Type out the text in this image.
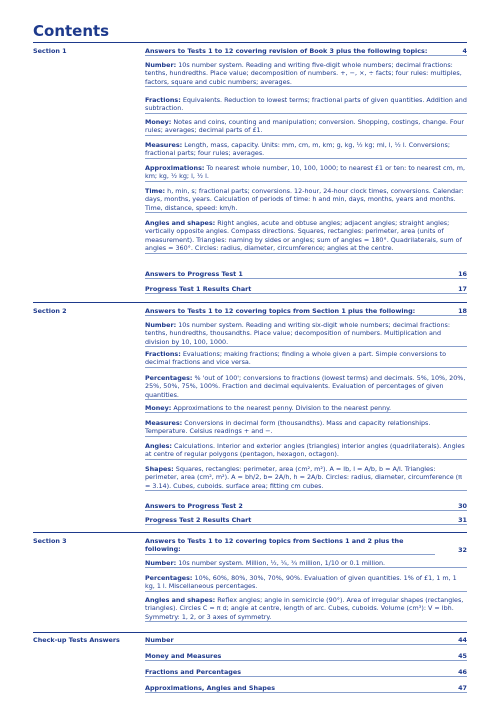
Contents
Section 1	Answers to Tests 1 to 12 covering revision of Book 3 plus the following topics:	4
Number: 10s number system. Reading and writing five-digit whole numbers; decimal fractions: tenths, hundredths. Place value; decomposition of numbers. +, −, ×, ÷ facts; four rules: multiples, factors, square and cubic numbers; averages.
Fractions: Equivalents. Reduction to lowest terms; fractional parts of given quantities. Addition and subtraction.
Money: Notes and coins, counting and manipulation; conversion. Shopping, costings, change. Four rules; averages; decimal parts of £1.
Measures: Length, mass, capacity. Units: mm, cm, m, km; g, kg, ½ kg; ml, l, ½ l. Conversions; fractional parts; four rules; averages.
Approximations: To nearest whole number, 10, 100, 1000; to nearest £1 or ten: to nearest cm, m, km; kg, ½ kg; l, ½ l.
Time: h, min, s; fractional parts; conversions. 12-hour, 24-hour clock times, conversions. Calendar: days, months, years. Calculation of periods of time: h and min, days, months, years and months. Time, distance, speed: km/h.
Angles and shapes: Right angles, acute and obtuse angles; adjacent angles; straight angles; vertically opposite angles. Compass directions. Squares, rectangles: perimeter, area (units of measurement). Triangles: naming by sides or angles; sum of angles = 180°. Quadrilaterals, sum of angles = 360°. Circles: radius, diameter, circumference; angles at the centre.
Answers to Progress Test 1	16
Progress Test 1 Results Chart	17
Section 2	Answers to Tests 1 to 12 covering topics from Section 1 plus the following:	18
Number: 10s number system. Reading and writing six-digit whole numbers; decimal fractions: tenths, hundredths, thousandths. Place value; decomposition of numbers. Multiplication and division by 10, 100, 1000.
Fractions: Evaluations; making fractions; finding a whole given a part. Simple conversions to decimal fractions and vice versa.
Percentages: % 'out of 100'; conversions to fractions (lowest terms) and decimals. 5%, 10%, 20%, 25%, 50%, 75%, 100%. Fraction and decimal equivalents. Evaluation of percentages of given quantities.
Money: Approximations to the nearest penny. Division to the nearest penny.
Measures: Conversions in decimal form (thousandths). Mass and capacity relationships. Temperature. Celsius readings + and −.
Angles: Calculations. Interior and exterior angles (triangles) interior angles (quadrilaterals). Angles at centre of regular polygons (pentagon, hexagon, octagon).
Shapes: Squares, rectangles: perimeter, area (cm², m²). A = lb, l = A/b, b = A/l. Triangles: perimeter, area (cm², m²). A = bh/2, b= 2A/h, h = 2A/b. Circles: radius, diameter, circumference (π = 3.14). Cubes, cuboids. surface area; fitting cm cubes.
Answers to Progress Test 2	30
Progress Test 2 Results Chart	31
Section 3	Answers to Tests 1 to 12 covering topics from Sections 1 and 2 plus the following:	32
Number: 10s number system. Million, ½, ¼, ¾ million, 1/10 or 0.1 million.
Percentages: 10%, 60%, 80%, 30%, 70%, 90%. Evaluation of given quantities. 1% of £1, 1 m, 1 kg, 1 l. Miscellaneous percentages.
Angles and shapes: Reflex angles; angle in semicircle (90°). Area of irregular shapes (rectangles, triangles). Circles C = π d; angle at centre, length of arc. Cubes, cuboids. Volume (cm³): V = lbh. Symmetry: 1, 2, or 3 axes of symmetry.
Check-up Tests Answers	Number	44
Money and Measures	45
Fractions and Percentages	46
Approximations, Angles and Shapes	47
